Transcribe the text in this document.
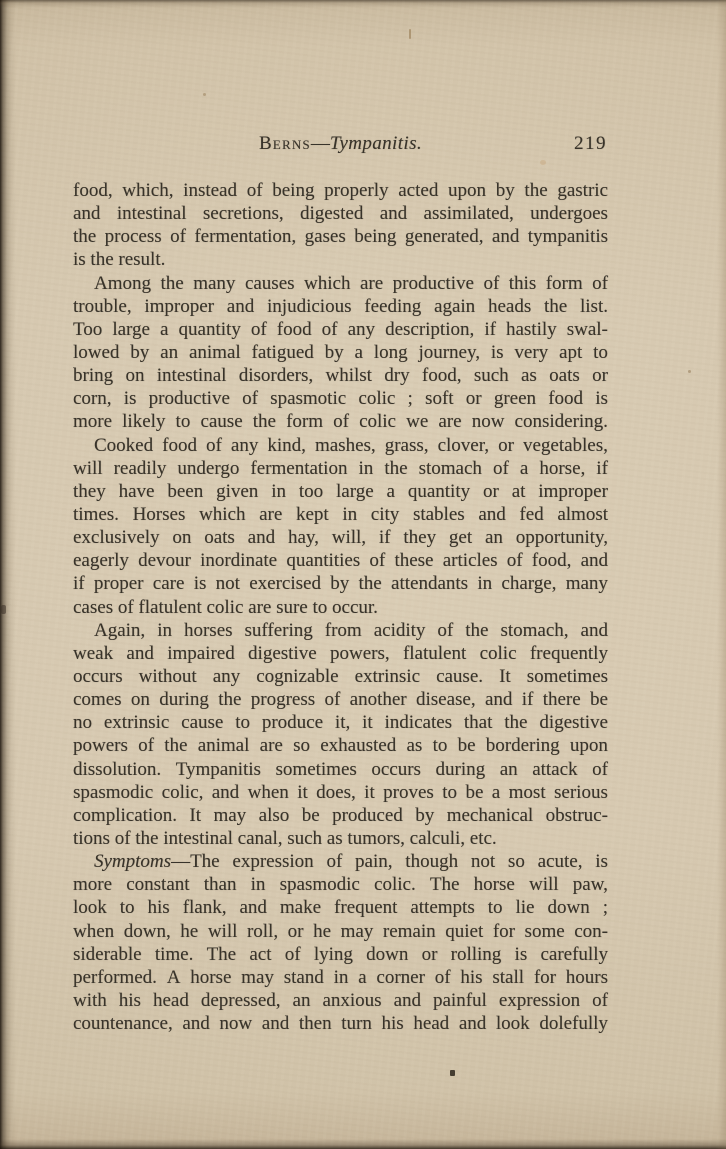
Berns—Tympanitis.	219
food, which, instead of being properly acted upon by the gastric
and intestinal secretions, digested and assimilated, undergoes
the process of fermentation, gases being generated, and tympanitis
is the result.
Among the many causes which are productive of this form of
trouble, improper and injudicious feeding again heads the list.
Too large a quantity of food of any description, if hastily swal-
lowed by an animal fatigued by a long journey, is very apt to
bring on intestinal disorders, whilst dry food, such as oats or
corn, is productive of spasmotic colic ; soft or green food is
more likely to cause the form of colic we are now considering.
Cooked food of any kind, mashes, grass, clover, or vegetables,
will readily undergo fermentation in the stomach of a horse, if
they have been given in too large a quantity or at improper
times. Horses which are kept in city stables and fed almost
exclusively on oats and hay, will, if they get an opportunity,
eagerly devour inordinate quantities of these articles of food, and
if proper care is not exercised by the attendants in charge, many
cases of flatulent colic are sure to occur.
Again, in horses suffering from acidity of the stomach, and
weak and impaired digestive powers, flatulent colic frequently
occurs without any cognizable extrinsic cause. It sometimes
comes on during the progress of another disease, and if there be
no extrinsic cause to produce it, it indicates that the digestive
powers of the animal are so exhausted as to be bordering upon
dissolution. Tympanitis sometimes occurs during an attack of
spasmodic colic, and when it does, it proves to be a most serious
complication. It may also be produced by mechanical obstruc-
tions of the intestinal canal, such as tumors, calculi, etc.
Symptoms—The expression of pain, though not so acute, is
more constant than in spasmodic colic. The horse will paw,
look to his flank, and make frequent attempts to lie down ;
when down, he will roll, or he may remain quiet for some con-
siderable time. The act of lying down or rolling is carefully
performed. A horse may stand in a corner of his stall for hours
with his head depressed, an anxious and painful expression of
countenance, and now and then turn his head and look dolefully
